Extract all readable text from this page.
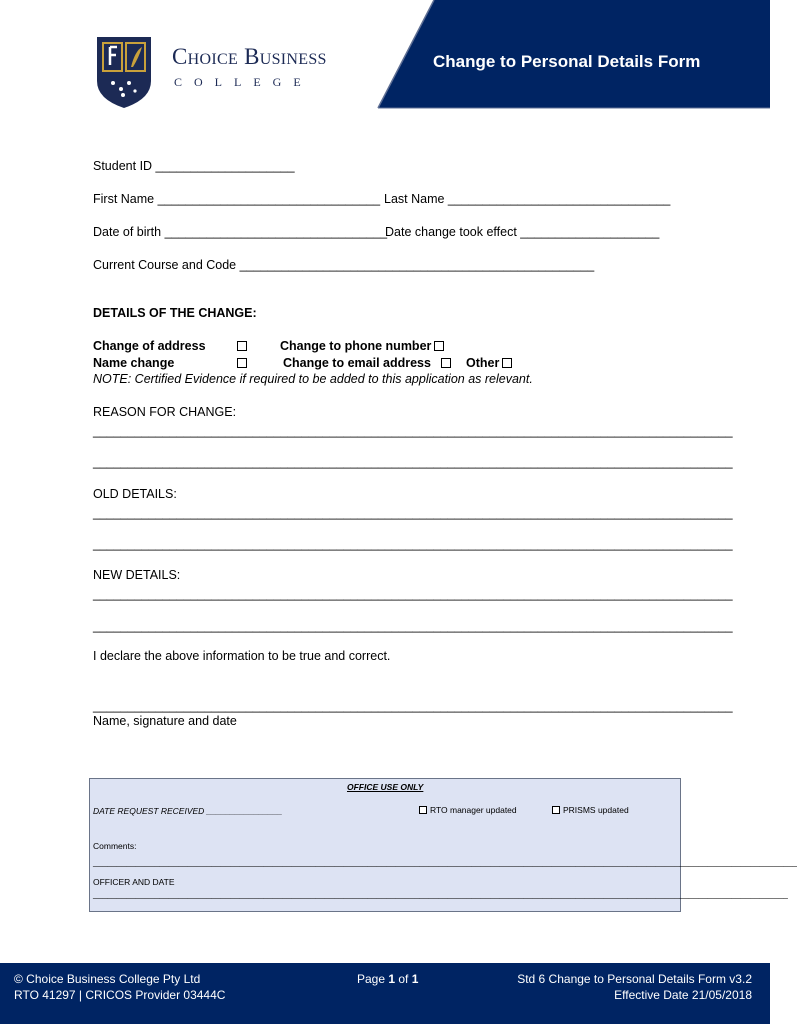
Change to Personal Details Form
Choice Business
COLLEGE
Student ID ____________________
First Name ________________________________ Last Name ________________________________
Date of birth ________________________________
Date change took effect ____________________
Current Course and Code ___________________________________________________
DETAILS OF THE CHANGE:
Change of address	Change to phone number
Name change	Change to email address	Other
NOTE: Certified Evidence if required to be added to this application as relevant.
REASON FOR CHANGE:
____________________________________________________________________________________________
____________________________________________________________________________________________
OLD DETAILS:
____________________________________________________________________________________________
____________________________________________________________________________________________
NEW DETAILS:
____________________________________________________________________________________________
____________________________________________________________________________________________
I declare the above information to be true and correct.
____________________________________________________________________________________________
Name, signature and date
OFFICE USE ONLY
DATE REQUEST RECEIVED ________________	RTO manager updated	PRISMS updated
Comments:
_____________________________________________________________________________________________________________________________________________________
OFFICER AND DATE
___________________________________________________________________________________________________________________________________________________
© Choice Business College Pty Ltd
RTO 41297 | CRICOS Provider 03444C
Page 1 of 1	Std 6 Change to Personal Details Form v3.2
Effective Date 21/05/2018
